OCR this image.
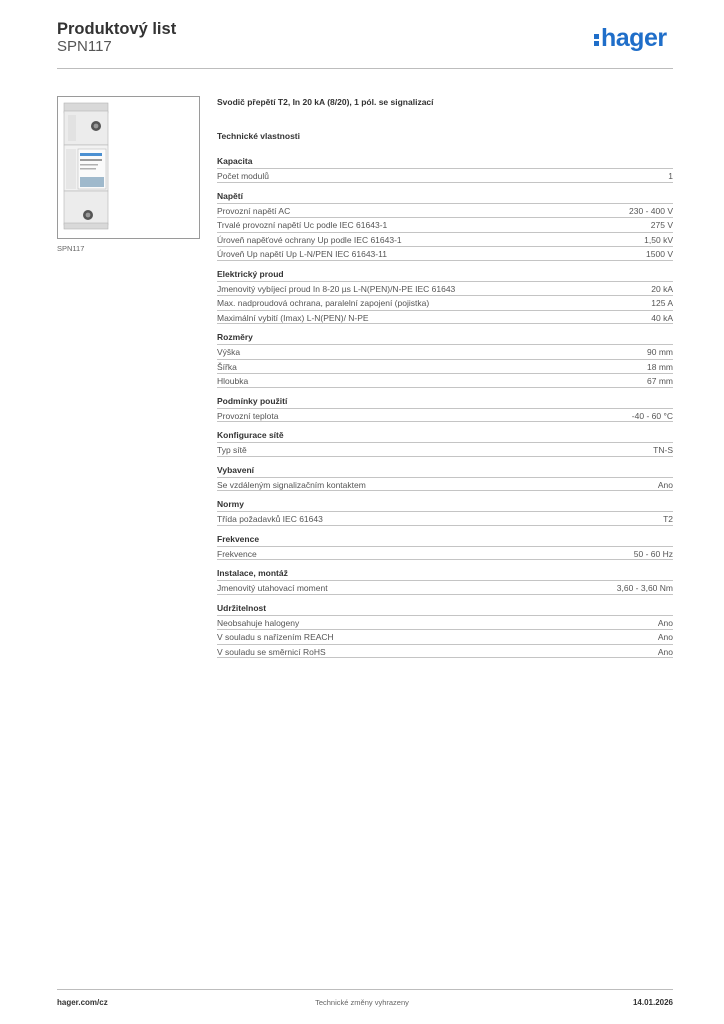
Produktový list
SPN117	hager
SPN117
Svodič přepětí T2, In 20 kA (8/20), 1 pól. se signalizací
Technické vlastnosti
Kapacita
Počet modulů	1
Napětí
Provozní napětí AC	230 - 400 V
Trvalé provozní napětí Uc podle IEC 61643-1	275 V
Úroveň napěťové ochrany Up podle IEC 61643-1	1,50 kV
Úroveň Up napětí Up L-N/PEN IEC 61643-11	1500 V
Elektrický proud
Jmenovitý vybíjecí proud In 8-20 µs L-N(PEN)/N-PE IEC 61643	20 kA
Max. nadproudová ochrana, paralelní zapojení (pojistka)	125 A
Maximální vybití (Imax) L-N(PEN)/ N-PE	40 kA
Rozměry
Výška	90 mm
Šířka	18 mm
Hloubka	67 mm
Podmínky použití
Provozní teplota	-40 - 60 °C
Konfigurace sítě
Typ sítě	TN-S
Vybavení
Se vzdáleným signalizačním kontaktem	Ano
Normy
Třída požadavků IEC 61643	T2
Frekvence
Frekvence	50 - 60 Hz
Instalace, montáž
Jmenovitý utahovací moment	3,60 - 3,60 Nm
Udržitelnost
Neobsahuje halogeny	Ano
V souladu s nařízením REACH	Ano
V souladu se směrnicí RoHS	Ano
Technické změny vyhrazeny
hager.com/cz	14.01.2026
